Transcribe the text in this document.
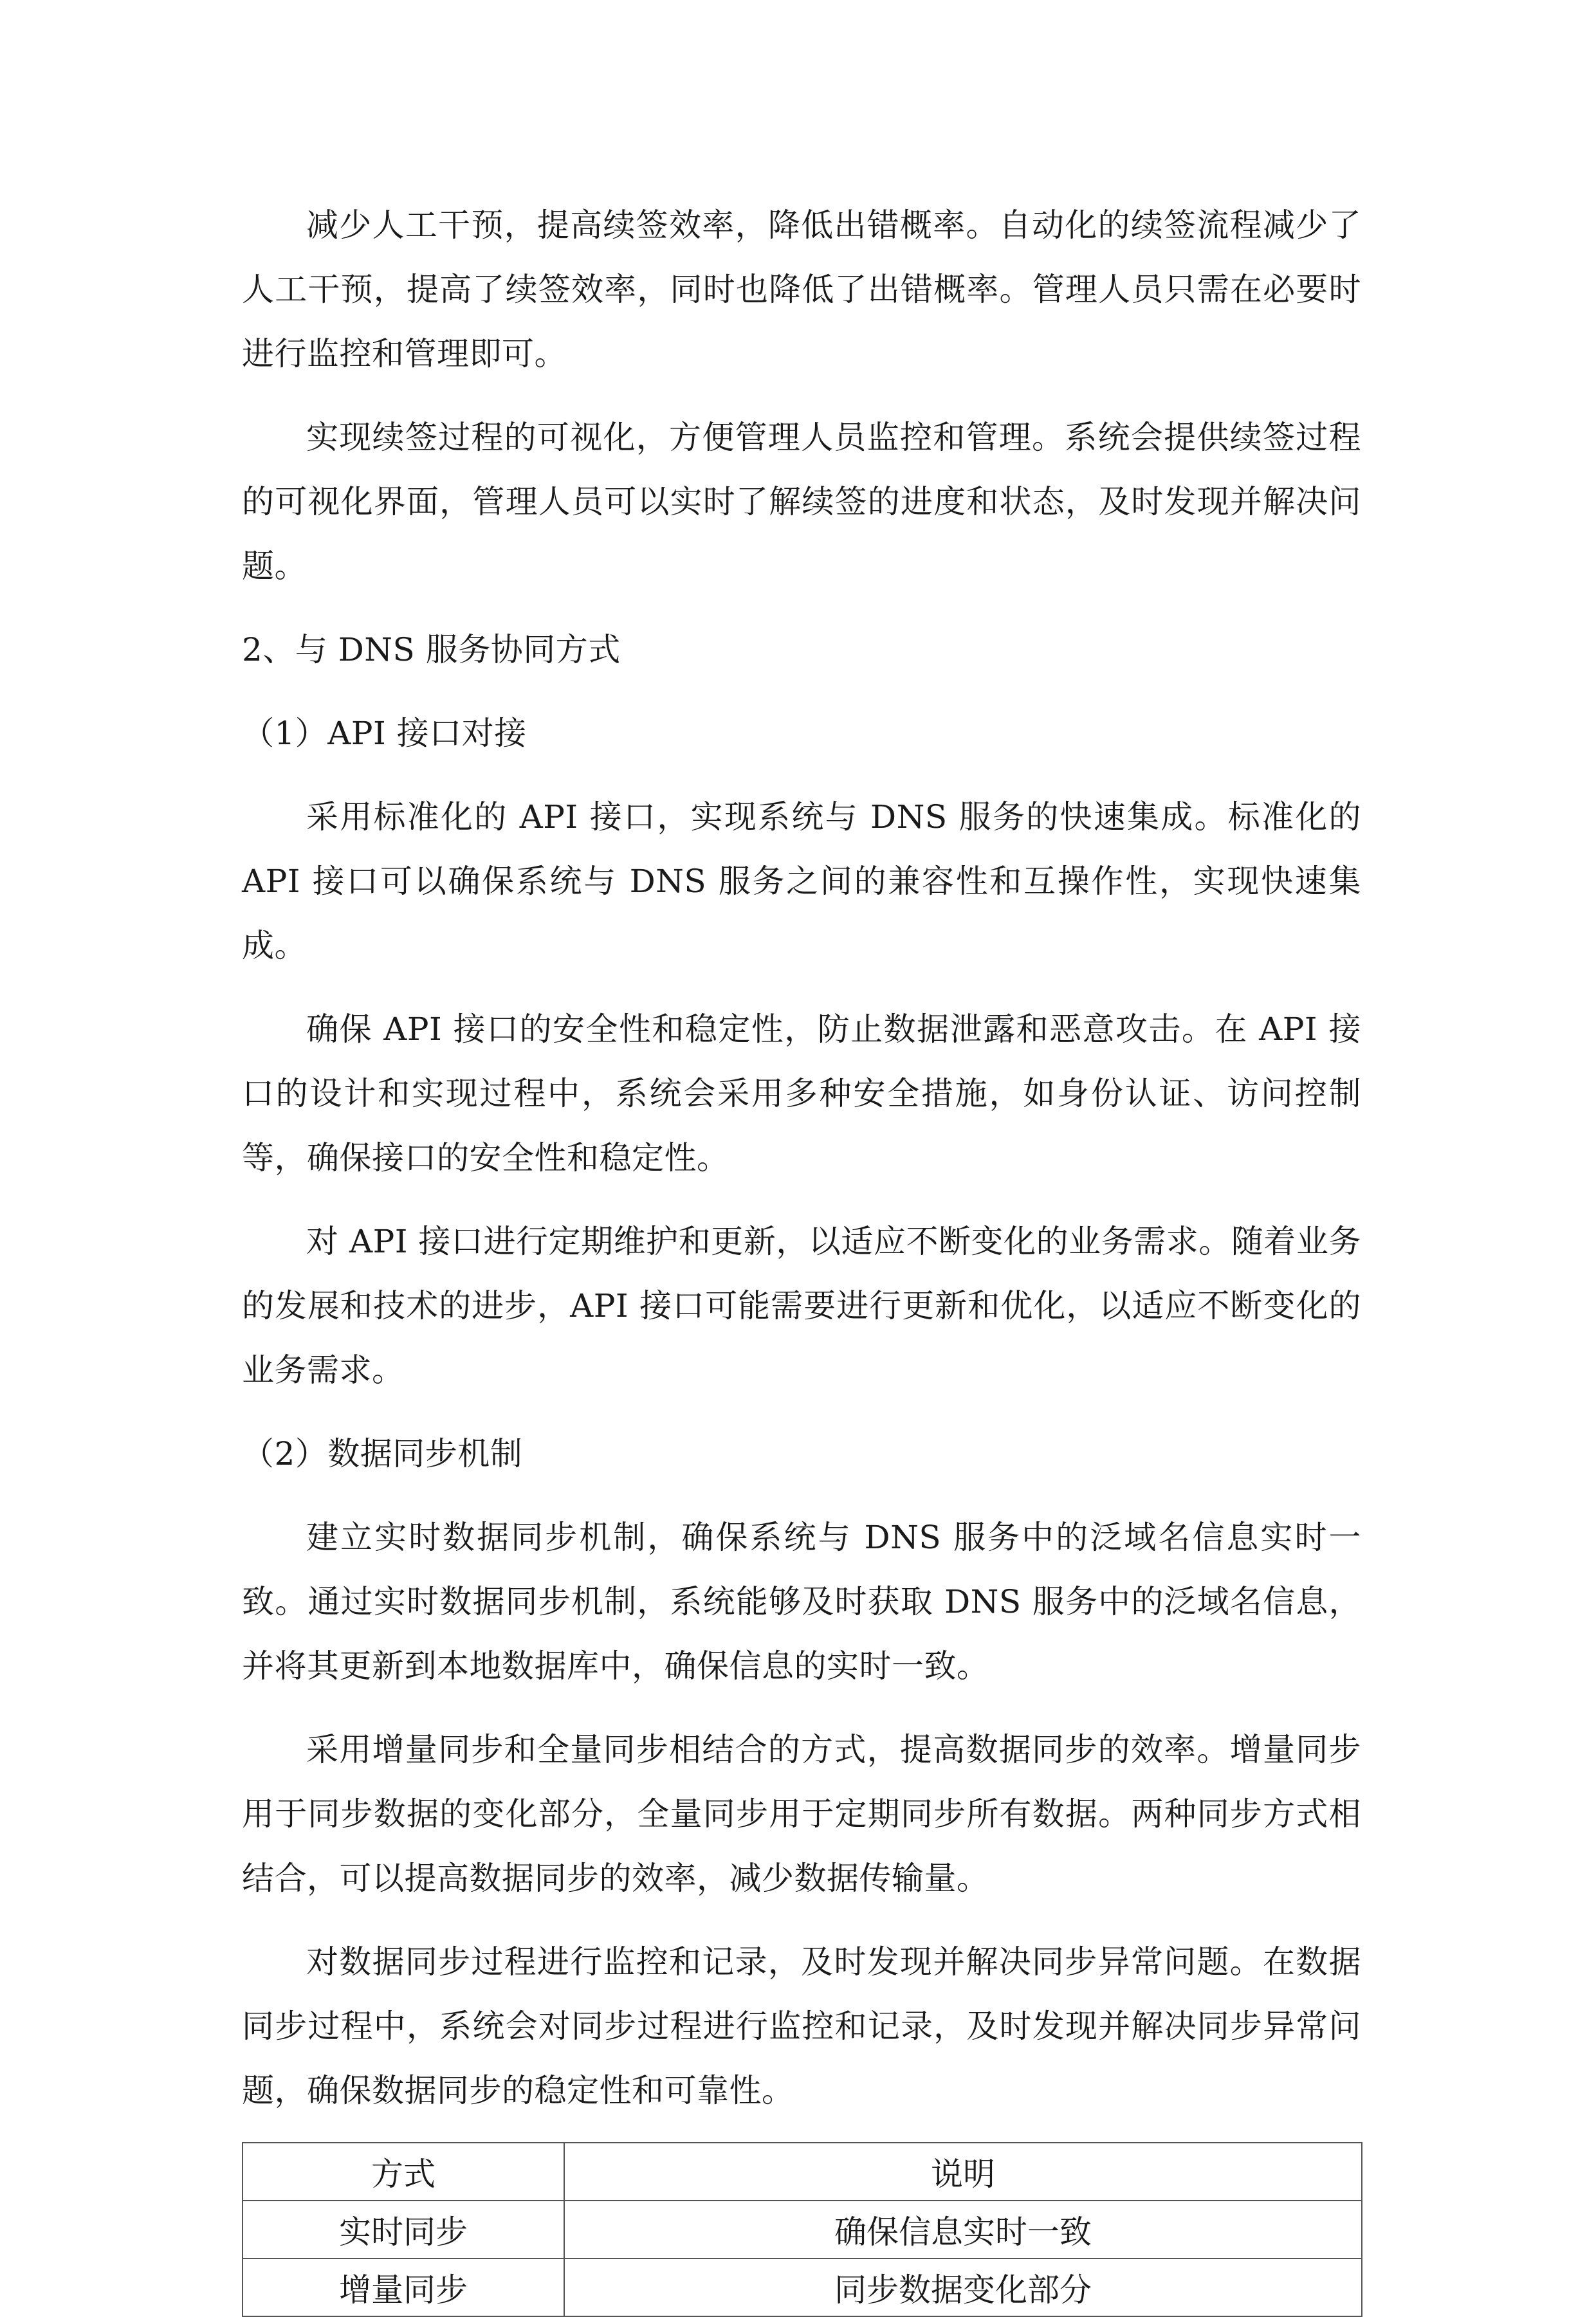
减少人工干预，提高续签效率，降低出错概率。自动化的续签流程减少了人工干预，提高了续签效率，同时也降低了出错概率。管理人员只需在必要时进行监控和管理即可。

实现续签过程的可视化，方便管理人员监控和管理。系统会提供续签过程的可视化界面，管理人员可以实时了解续签的进度和状态，及时发现并解决问题。

2、与 DNS 服务协同方式

（1）API 接口对接

采用标准化的 API 接口，实现系统与 DNS 服务的快速集成。标准化的 API 接口可以确保系统与 DNS 服务之间的兼容性和互操作性，实现快速集成。

确保 API 接口的安全性和稳定性，防止数据泄露和恶意攻击。在 API 接口的设计和实现过程中，系统会采用多种安全措施，如身份认证、访问控制等，确保接口的安全性和稳定性。

对 API 接口进行定期维护和更新，以适应不断变化的业务需求。随着业务的发展和技术的进步，API 接口可能需要进行更新和优化，以适应不断变化的业务需求。

（2）数据同步机制

建立实时数据同步机制，确保系统与 DNS 服务中的泛域名信息实时一致。通过实时数据同步机制，系统能够及时获取 DNS 服务中的泛域名信息，并将其更新到本地数据库中，确保信息的实时一致。

采用增量同步和全量同步相结合的方式，提高数据同步的效率。增量同步用于同步数据的变化部分，全量同步用于定期同步所有数据。两种同步方式相结合，可以提高数据同步的效率，减少数据传输量。

对数据同步过程进行监控和记录，及时发现并解决同步异常问题。在数据同步过程中，系统会对同步过程进行监控和记录，及时发现并解决同步异常问题，确保数据同步的稳定性和可靠性。

方式	说明
实时同步	确保信息实时一致
增量同步	同步数据变化部分
